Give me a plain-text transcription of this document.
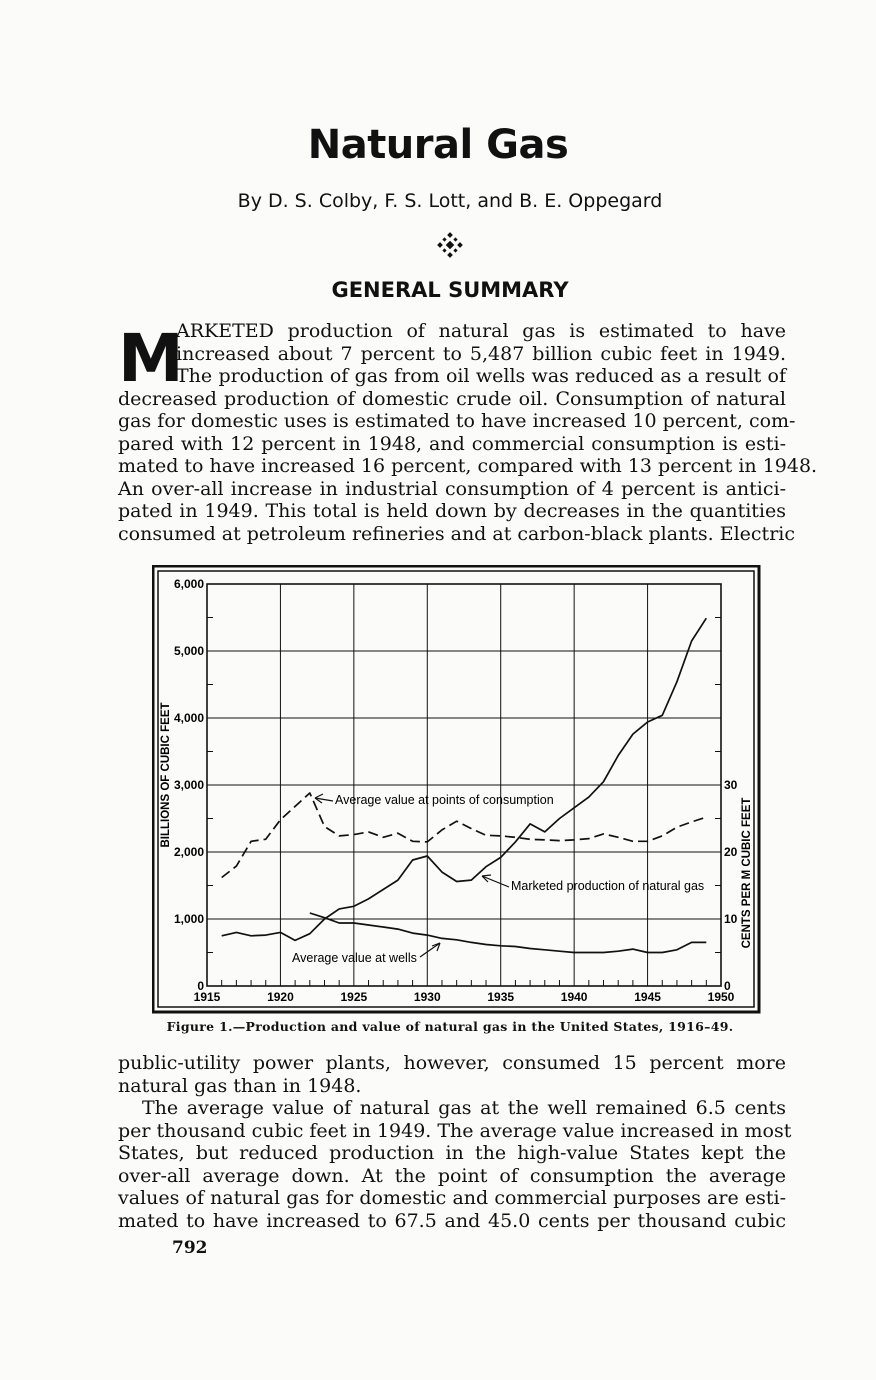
Natural Gas
By D. S. Colby, F. S. Lott, and B. E. Oppegard
GENERAL SUMMARY
M
ARKETED production of natural gas is estimated to have
increased about 7 percent to 5,487 billion cubic feet in 1949.
The production of gas from oil wells was reduced as a result of
decreased production of domestic crude oil. Consumption of natural
gas for domestic uses is estimated to have increased 10 percent, com-
pared with 12 percent in 1948, and commercial consumption is esti-
mated to have increased 16 percent, compared with 13 percent in 1948.
An over-all increase in industrial consumption of 4 percent is antici-
pated in 1949. This total is held down by decreases in the quantities
consumed at petroleum refineries and at carbon-black plants. Electric
1915	1920	1925	1930	1935	1940	1945	1950
0
1,000
2,000
3,000
4,000
5,000
6,000
0
10
20
30
BILLIONS OF CUBIC FEET
CENTS PER M CUBIC FEET
Average value at points of consumption
Marketed production of natural gas
Average value at wells
Figure 1.—Production and value of natural gas in the United States, 1916–49.
public-utility power plants, however, consumed 15 percent more
natural gas than in 1948.
The average value of natural gas at the well remained 6.5 cents
per thousand cubic feet in 1949. The average value increased in most
States, but reduced production in the high-value States kept the
over-all average down. At the point of consumption the average
values of natural gas for domestic and commercial purposes are esti-
mated to have increased to 67.5 and 45.0 cents per thousand cubic
792
